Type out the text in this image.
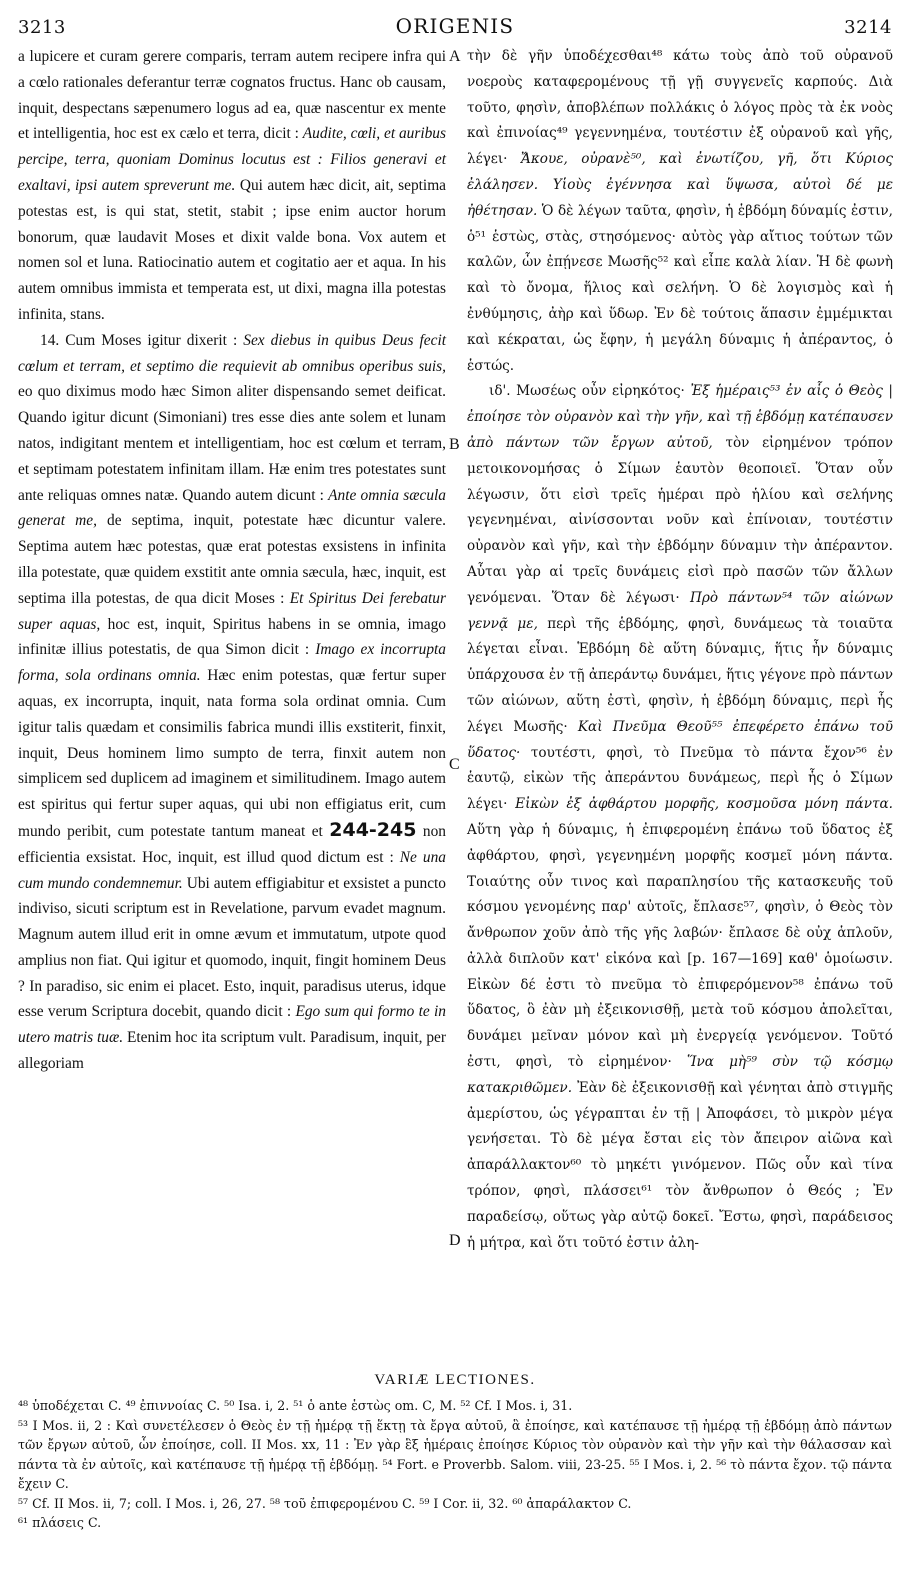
3213	ORIGENIS	3214
A
B
C
D

a lupicere et curam gerere comparis, terram autem recipere infra qui a cœlo rationales deferantur terræ cognatos fructus. Hanc ob causam, inquit, despectans sæpenumero logus ad ea, quæ nascentur ex mente et intelligentia, hoc est ex cælo et terra, dicit : Audite, cœli, et auribus percipe, terra, quoniam Dominus locutus est : Filios generavi et exaltavi, ipsi autem spreverunt me. Qui autem hæc dicit, ait, septima potestas est, is qui stat, stetit, stabit ; ipse enim auctor horum bonorum, quæ laudavit Moses et dixit valde bona. Vox autem et nomen sol et luna. Ratiocinatio autem et cogitatio aer et aqua. In his autem omnibus immista et temperata est, ut dixi, magna illa potestas infinita, stans.

14. Cum Moses igitur dixerit : Sex diebus in quibus Deus fecit cœlum et terram, et septimo die requievit ab omnibus operibus suis, eo quo diximus modo hæc Simon aliter dispensando semet deificat. Quando igitur dicunt (Simoniani) tres esse dies ante solem et lunam natos, indigitant mentem et intelligentiam, hoc est cœlum et terram, et septimam potestatem infinitam illam. Hæ enim tres potestates sunt ante reliquas omnes natæ. Quando autem dicunt : Ante omnia sæcula generat me, de septima, inquit, potestate hæc dicuntur valere. Septima autem hæc potestas, quæ erat potestas exsistens in infinita illa potestate, quæ quidem exstitit ante omnia sæcula, hæc, inquit, est septima illa potestas, de qua dicit Moses : Et Spiritus Dei ferebatur super aquas, hoc est, inquit, Spiritus habens in se omnia, imago infinitæ illius potestatis, de qua Simon dicit : Imago ex incorrupta forma, sola ordinans omnia. Hæc enim potestas, quæ fertur super aquas, ex incorrupta, inquit, nata forma sola ordinat omnia. Cum igitur talis quædam et consimilis fabrica mundi illis exstiterit, finxit, inquit, Deus hominem limo sumpto de terra, finxit autem non simplicem sed duplicem ad imaginem et similitudinem. Imago autem est spiritus qui fertur super aquas, qui ubi non effigiatus erit, cum mundo peribit, cum potestate tantum maneat et 244-245 non efficientia exsistat. Hoc, inquit, est illud quod dictum est : Ne una cum mundo condemnemur. Ubi autem effigiabitur et exsistet a puncto indiviso, sicuti scriptum est in Revelatione, parvum evadet magnum. Magnum autem illud erit in omne ævum et immutatum, utpote quod amplius non fiat. Qui igitur et quomodo, inquit, fingit hominem Deus ? In paradiso, sic enim ei placet. Esto, inquit, paradisus uterus, idque esse verum Scriptura docebit, quando dicit : Ego sum qui formo te in utero matris tuæ. Etenim hoc ita scriptum vult. Paradisum, inquit, per allegoriam

τὴν δὲ γῆν ὑποδέχεσθαι⁴⁸ κάτω τοὺς ἀπὸ τοῦ οὐρανοῦ νοεροὺς καταφερομένους τῇ γῇ συγγενεῖς καρπούς. Διὰ τοῦτο, φησὶν, ἀποβλέπων πολλάκις ὁ λόγος πρὸς τὰ ἐκ νοὸς καὶ ἐπινοίας⁴⁹ γεγεννημένα, τουτέστιν ἐξ οὐρανοῦ καὶ γῆς, λέγει· Ἄκουε, οὐρανὲ⁵⁰, καὶ ἐνωτίζου, γῆ, ὅτι Κύριος ἐλάλησεν. Υἱοὺς ἐγέννησα καὶ ὕψωσα, αὐτοὶ δέ με ἠθέτησαν. Ὁ δὲ λέγων ταῦτα, φησὶν, ἡ ἑβδόμη δύναμίς ἐστιν, ὁ⁵¹ ἑστὼς, στὰς, στησόμενος· αὐτὸς γὰρ αἴτιος τούτων τῶν καλῶν, ὧν ἐπῄνεσε Μωσῆς⁵² καὶ εἶπε καλὰ λίαν. Ἡ δὲ φωνὴ καὶ τὸ ὄνομα, ἥλιος καὶ σελήνη. Ὁ δὲ λογισμὸς καὶ ἡ ἐνθύμησις, ἀὴρ καὶ ὕδωρ. Ἐν δὲ τούτοις ἅπασιν ἐμμέμικται καὶ κέκραται, ὡς ἔφην, ἡ μεγάλη δύναμις ἡ ἀπέραντος, ὁ ἑστώς.

ιδ'. Μωσέως οὖν εἰρηκότος· Ἐξ ἡμέραις⁵³ ἐν αἷς ὁ Θεὸς | ἐποίησε τὸν οὐρανὸν καὶ τὴν γῆν, καὶ τῇ ἑβδόμῃ κατέπαυσεν ἀπὸ πάντων τῶν ἔργων αὐτοῦ, τὸν εἰρημένον τρόπον μετοικονομήσας ὁ Σίμων ἑαυτὸν θεοποιεῖ. Ὅταν οὖν λέγωσιν, ὅτι εἰσὶ τρεῖς ἡμέραι πρὸ ἡλίου καὶ σελήνης γεγενημέναι, αἰνίσσονται νοῦν καὶ ἐπίνοιαν, τουτέστιν οὐρανὸν καὶ γῆν, καὶ τὴν ἑβδόμην δύναμιν τὴν ἀπέραντον. Αὗται γὰρ αἱ τρεῖς δυνάμεις εἰσὶ πρὸ πασῶν τῶν ἄλλων γενόμεναι. Ὅταν δὲ λέγωσι· Πρὸ πάντων⁵⁴ τῶν αἰώνων γεννᾷ με, περὶ τῆς ἑβδόμης, φησὶ, δυνάμεως τὰ τοιαῦτα λέγεται εἶναι. Ἑβδόμη δὲ αὕτη δύναμις, ἥτις ἦν δύναμις ὑπάρχουσα ἐν τῇ ἀπεράντῳ δυνάμει, ἥτις γέγονε πρὸ πάντων τῶν αἰώνων, αὕτη ἐστὶ, φησὶν, ἡ ἑβδόμη δύναμις, περὶ ἧς λέγει Μωσῆς· Καὶ Πνεῦμα Θεοῦ⁵⁵ ἐπεφέρετο ἐπάνω τοῦ ὕδατος· τουτέστι, φησὶ, τὸ Πνεῦμα τὸ πάντα ἔχον⁵⁶ ἐν ἑαυτῷ, εἰκὼν τῆς ἀπεράντου δυνάμεως, περὶ ἧς ὁ Σίμων λέγει· Εἰκὼν ἐξ ἀφθάρτου μορφῆς, κοσμοῦσα μόνη πάντα. Αὕτη γὰρ ἡ δύναμις, ἡ ἐπιφερομένη ἐπάνω τοῦ ὕδατος ἐξ ἀφθάρτου, φησὶ, γεγενημένη μορφῆς κοσμεῖ μόνη πάντα. Τοιαύτης οὖν τινος καὶ παραπλησίου τῆς κατασκευῆς τοῦ κόσμου γενομένης παρ' αὐτοῖς, ἔπλασε⁵⁷, φησὶν, ὁ Θεὸς τὸν ἄνθρωπον χοῦν ἀπὸ τῆς γῆς λαβών· ἔπλασε δὲ οὐχ ἁπλοῦν, ἀλλὰ διπλοῦν κατ' εἰκόνα καὶ [p. 167—169] καθ' ὁμοίωσιν. Εἰκὼν δέ ἐστι τὸ πνεῦμα τὸ ἐπιφερόμενον⁵⁸ ἐπάνω τοῦ ὕδατος, ὃ ἐὰν μὴ ἐξεικονισθῇ, μετὰ τοῦ κόσμου ἀπολεῖται, δυνάμει μεῖναν μόνον καὶ μὴ ἐνεργείᾳ γενόμενον. Τοῦτό ἐστι, φησὶ, τὸ εἰρημένον· Ἵνα μὴ⁵⁹ σὺν τῷ κόσμῳ κατακριθῶμεν. Ἐὰν δὲ ἐξεικονισθῇ καὶ γένηται ἀπὸ στιγμῆς ἀμερίστου, ὡς γέγραπται ἐν τῇ | Ἀποφάσει, τὸ μικρὸν μέγα γενήσεται. Τὸ δὲ μέγα ἔσται εἰς τὸν ἄπειρον αἰῶνα καὶ ἀπαράλλακτον⁶⁰ τὸ μηκέτι γινόμενον. Πῶς οὖν καὶ τίνα τρόπον, φησὶ, πλάσσει⁶¹ τὸν ἄνθρωπον ὁ Θεός ; Ἐν παραδείσῳ, οὕτως γὰρ αὐτῷ δοκεῖ. Ἔστω, φησὶ, παράδεισος ἡ μήτρα, καὶ ὅτι τοῦτό ἐστιν ἀλη-

VARIÆ LECTIONES.

⁴⁸ ὑποδέχεται C. ⁴⁹ ἐπιννοίας C. ⁵⁰ Isa. i, 2. ⁵¹ ὁ ante ἑστὼς om. C, M. ⁵² Cf. I Mos. i, 31.

⁵³ I Mos. ii, 2 : Καὶ συνετέλεσεν ὁ Θεὸς ἐν τῇ ἡμέρᾳ τῇ ἕκτῃ τὰ ἔργα αὐτοῦ, ἃ ἐποίησε, καὶ κατέπαυσε τῇ ἡμέρᾳ τῇ ἑβδόμῃ ἀπὸ πάντων τῶν ἔργων αὐτοῦ, ὧν ἐποίησε, coll. II Mos. xx, 11 : Ἐν γὰρ ἓξ ἡμέραις ἐποίησε Κύριος τὸν οὐρανὸν καὶ τὴν γῆν καὶ τὴν θάλασσαν καὶ πάντα τὰ ἐν αὐτοῖς, καὶ κατέπαυσε τῇ ἡμέρᾳ τῇ ἑβδόμῃ. ⁵⁴ Fort. e Proverbb. Salom. viii, 23-25. ⁵⁵ I Mos. i, 2. ⁵⁶ τὸ πάντα ἔχον. τῷ πάντα ἔχειν C.

⁵⁷ Cf. II Mos. ii, 7; coll. I Mos. i, 26, 27. ⁵⁸ τοῦ ἐπιφερομένου C. ⁵⁹ I Cor. ii, 32. ⁶⁰ ἀπαράλακτον C.

⁶¹ πλάσεις C.
